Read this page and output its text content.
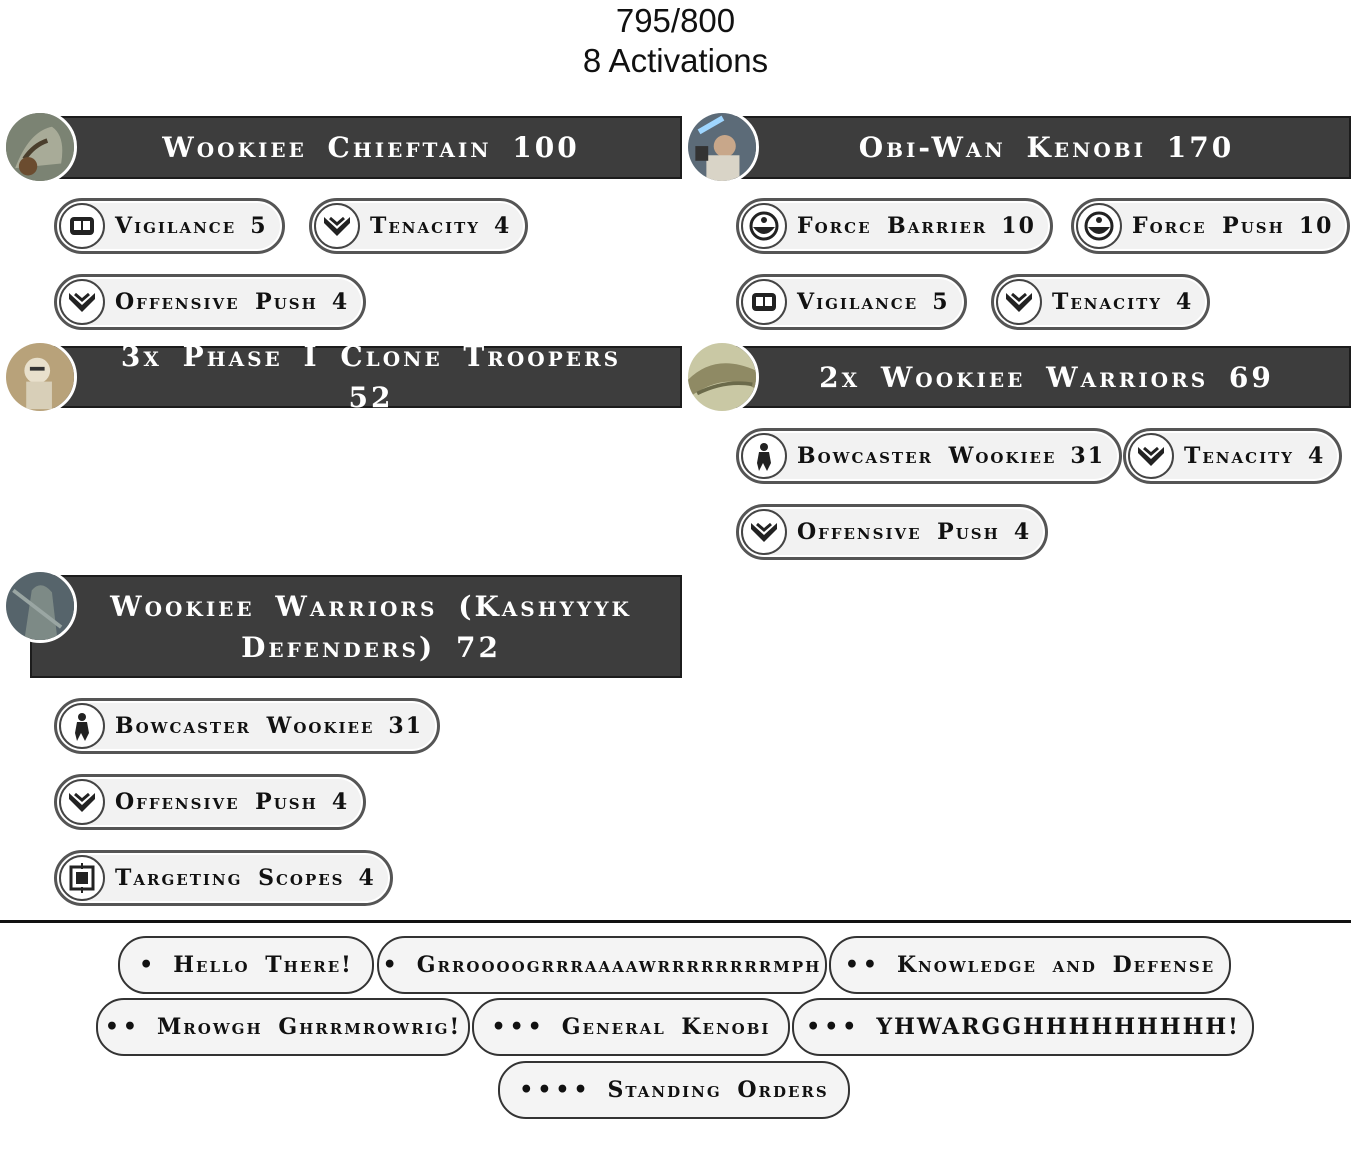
795/800
8 Activations
Wookiee Chieftain 100
Vigilance 5	Tenacity 4
Offensive Push 4
Obi-Wan Kenobi 170
Force Barrier 10	Force Push 10
Vigilance 5	Tenacity 4
3x Phase I Clone Troopers 52
2x Wookiee Warriors 69
Bowcaster Wookiee 31	Tenacity 4
Offensive Push 4
Wookiee Warriors (Kashyyyk
Defenders) 72
Bowcaster Wookiee 31
Offensive Push 4
Targeting Scopes 4
• Hello There! • Grroooogrrraaaawrrrrrrrrmph •• Knowledge and Defense
•• Mrowgh Ghrrmrowrig! ••• General Kenobi ••• YHWARGGHHHHHHHHH!
•••• Standing Orders
